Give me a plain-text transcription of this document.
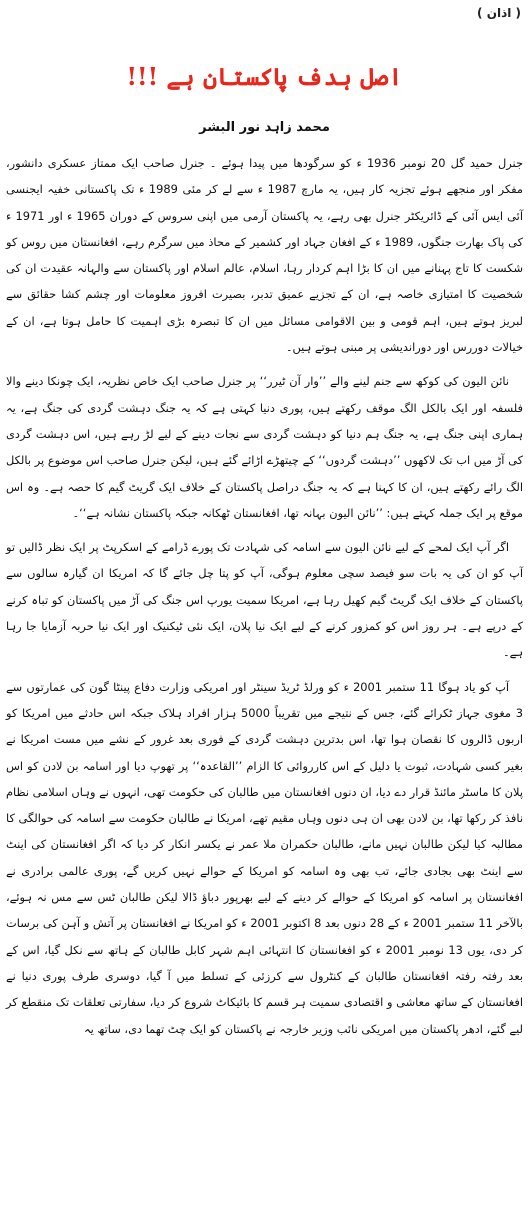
( اذان )
اصل ہدف پاکستان ہے !!!
محمد زاہد نور البشر

جنرل حمید گل 20 نومبر 1936 ء کو سرگودھا میں پیدا ہوئے ۔ جنرل صاحب ایک ممتاز عسکری دانشور، مفکر اور منجھے ہوئے تجزیہ کار ہیں، یہ مارچ 1987 ء سے لے کر مئی 1989 ء تک پاکستانی خفیہ ایجنسی آئی ایس آئی کے ڈائریکٹر جنرل بھی رہے، یہ پاکستان آرمی میں اپنی سروس کے دوران 1965 ء اور 1971 ء کی پاک بھارت جنگوں، 1989 ء کے افغان جہاد اور کشمیر کے محاذ میں سرگرم رہے، افغانستان میں روس کو شکست کا تاج پہنانے میں ان کا بڑا اہم کردار رہا، اسلام، عالم اسلام اور پاکستان سے والہانہ عقیدت ان کی شخصیت کا امتیازی خاصہ ہے، ان کے تجزیے عمیق تدبر، بصیرت افروز معلومات اور چشم کشا حقائق سے لبریز ہوتے ہیں، اہم قومی و بین الاقوامی مسائل میں ان کا تبصرہ بڑی اہمیت کا حامل ہوتا ہے، ان کے خیالات دوررس اور دوراندیشی پر مبنی ہوتے ہیں۔

نائن الیون کی کوکھ سے جنم لینے والے ’’وار آن ٹیرر‘‘ پر جنرل صاحب ایک خاص نظریہ، ایک چونکا دینے والا فلسفہ اور ایک بالکل الگ موقف رکھتے ہیں، پوری دنیا کہتی ہے کہ یہ جنگ دہشت گردی کی جنگ ہے، یہ ہماری اپنی جنگ ہے، یہ جنگ ہم دنیا کو دہشت گردی سے نجات دینے کے لیے لڑ رہے ہیں، اس دہشت گردی کی آڑ میں اب تک لاکھوں ’’دہشت گردوں‘‘ کے چیتھڑے اڑائے گئے ہیں، لیکن جنرل صاحب اس موضوع پر بالکل الگ رائے رکھتے ہیں، ان کا کہنا ہے کہ یہ جنگ دراصل پاکستان کے خلاف ایک گریٹ گیم کا حصہ ہے۔ وہ اس موقع پر ایک جملہ کہتے ہیں: ’’نائن الیون بہانہ تھا، افغانستان ٹھکانہ جبکہ پاکستان نشانہ ہے‘‘۔

اگر آپ ایک لمحے کے لیے نائن الیون سے اسامہ کی شہادت تک پورے ڈرامے کے اسکرپٹ پر ایک نظر ڈالیں تو آپ کو ان کی یہ بات سو فیصد سچی معلوم ہوگی، آپ کو پتا چل جائے گا کہ امریکا ان گیارہ سالوں سے پاکستان کے خلاف ایک گریٹ گیم کھیل رہا ہے، امریکا سمیت یورپ اس جنگ کی آڑ میں پاکستان کو تباہ کرنے کے درپے ہے۔ ہر روز اس کو کمزور کرنے کے لیے ایک نیا پلان، ایک نئی ٹیکنیک اور ایک نیا حربہ آزمایا جا رہا ہے۔

آپ کو یاد ہوگا 11 ستمبر 2001 ء کو ورلڈ ٹریڈ سینٹر اور امریکی وزارت دفاع پینٹا گون کی عمارتوں سے 3 مغوی جہاز ٹکرائے گئے، جس کے نتیجے میں تقریباً 5000 ہزار افراد ہلاک جبکہ اس حادثے میں امریکا کو اربوں ڈالروں کا نقصان ہوا تھا، اس بدترین دہشت گردی کے فوری بعد غرور کے نشے میں مست امریکا نے بغیر کسی شہادت، ثبوت یا دلیل کے اس کارروائی کا الزام ’’القاعدہ‘‘ پر تھوپ دیا اور اسامہ بن لادن کو اس پلان کا ماسٹر مائنڈ قرار دے دیا، ان دنوں افغانستان میں طالبان کی حکومت تھی، انہوں نے وہاں اسلامی نظام نافذ کر رکھا تھا، بن لادن بھی ان ہی دنوں وہاں مقیم تھے، امریکا نے طالبان حکومت سے اسامہ کی حوالگی کا مطالبہ کیا لیکن طالبان نہیں مانے، طالبان حکمران ملا عمر نے یکسر انکار کر دیا کہ اگر افغانستان کی اینٹ سے اینٹ بھی بجادی جائے، تب بھی وہ اسامہ کو امریکا کے حوالے نہیں کریں گے، پوری عالمی برادری نے افغانستان پر اسامہ کو امریکا کے حوالے کر دینے کے لیے بھرپور دباؤ ڈالا لیکن طالبان ٹس سے مس نہ ہوئے، بالآخر 11 ستمبر 2001 ء کے 28 دنوں بعد 8 اکتوبر 2001 ء کو امریکا نے افغانستان پر آتش و آہن کی برسات کر دی، یوں 13 نومبر 2001 ء کو افغانستان کا انتہائی اہم شہر کابل طالبان کے ہاتھ سے نکل گیا، اس کے بعد رفتہ رفتہ افغانستان طالبان کے کنٹرول سے کرزئی کے تسلط میں آ گیا، دوسری طرف پوری دنیا نے افغانستان کے ساتھ معاشی و اقتصادی سمیت ہر قسم کا بائیکاٹ شروع کر دیا، سفارتی تعلقات تک منقطع کر لیے گئے، ادھر پاکستان میں امریکی نائب وزیر خارجہ نے پاکستان کو ایک چٹ تھما دی، ساتھ یہ
